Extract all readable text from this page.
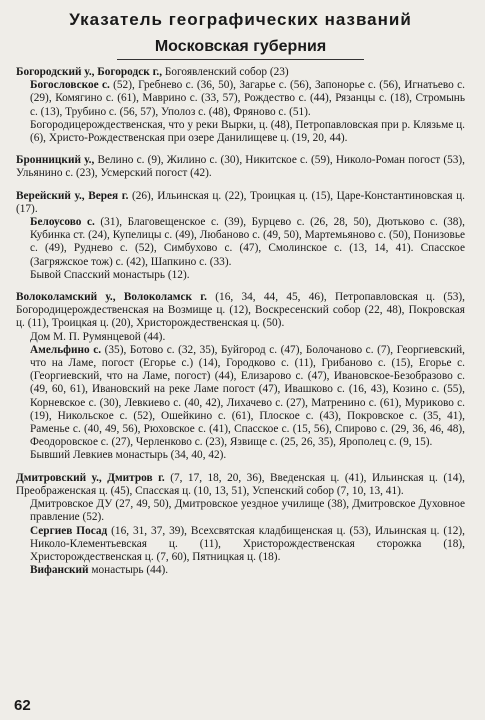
Указатель географических названий
Московская губерния

Богородский у., Богородск г., Богоявленский собор (23)

Богословское с. (52), Гребнево с. (36, 50), Загарье с. (56), Запонорье с. (56), Игнатьево с. (29), Комягино с. (61), Маврино с. (33, 57), Рождество с. (44), Рязанцы с. (18), Стромынь с. (13), Трубино с. (56, 57), Уполоз с. (48), Фряново с. (51).

Богородицерождественская, что у реки Вырки, ц. (48), Петропавловская при р. Клязьме ц. (6), Христо-Рождественская при озере Данилищеве ц. (19, 20, 44).

Бронницкий у., Велино с. (9), Жилино с. (30), Никитское с. (59), Николо-Роман погост (53), Ульянино с. (23), Усмерский погост (42).

Верейский у., Верея г. (26), Ильинская ц. (22), Троицкая ц. (15), Царе-Константиновская ц. (17).

Белоусово с. (31), Благовещенское с. (39), Бурцево с. (26, 28, 50), Дютьково с. (38), Кубинка ст. (24), Купелицы с. (49), Любаново с. (49, 50), Мартемьяново с. (50), Понизовье с. (49), Руднево с. (52), Симбухово с. (47), Смолинское с. (13, 14, 41). Спасское (Загряжское тож) с. (42), Шапкино с. (33).

Бывой Спасский монастырь (12).

Волоколамский у., Волоколамск г. (16, 34, 44, 45, 46), Петропавловская ц. (53), Богородицерождественская на Возмище ц. (12), Воскресенский собор (22, 48), Покровская ц. (11), Троицкая ц. (20), Христорождественская ц. (50).

Дом М. П. Румянцевой (44).

Амельфино с. (35), Ботово с. (32, 35), Буйгород с. (47), Болочаново с. (7), Георгиевский, что на Ламе, погост (Егорье с.) (14), Городково с. (11), Грибаново с. (15), Егорье с. (Георгиевский, что на Ламе, погост) (44), Елизарово с. (47), Ивановское-Безобразово с. (49, 60, 61), Ивановский на реке Ламе погост (47), Ивашково с. (16, 43), Козино с. (55), Корневское с. (30), Левкиево с. (40, 42), Лихачево с. (27), Матренино с. (61), Мурикoво с. (19), Никольское с. (52), Ошейкино с. (61), Плоское с. (43), Покровское с. (35, 41), Раменье с. (40, 49, 56), Рюховское с. (41), Спасское с. (15, 56), Спирово с. (29, 36, 46, 48), Феодоровское с. (27), Черленково с. (23), Язвище с. (25, 26, 35), Ярополец с. (9, 15).

Бывший Левкиев монастырь (34, 40, 42).

Дмитровский у., Дмитров г. (7, 17, 18, 20, 36), Введенская ц. (41), Ильинская ц. (14), Преображенская ц. (45), Спасская ц. (10, 13, 51), Успенский собор (7, 10, 13, 41).

Дмитровское ДУ (27, 49, 50), Дмитровское уездное училище (38), Дмитровское Духовное правление (52).

Сергиев Посад (16, 31, 37, 39), Всехсвятская кладбищенская ц. (53), Ильинская ц. (12), Николо-Клементьевская ц. (11), Христорождественская сторожка (18), Христорождественская ц. (7, 60), Пятницкая ц. (18).

Вифанский монастырь (44).

62
